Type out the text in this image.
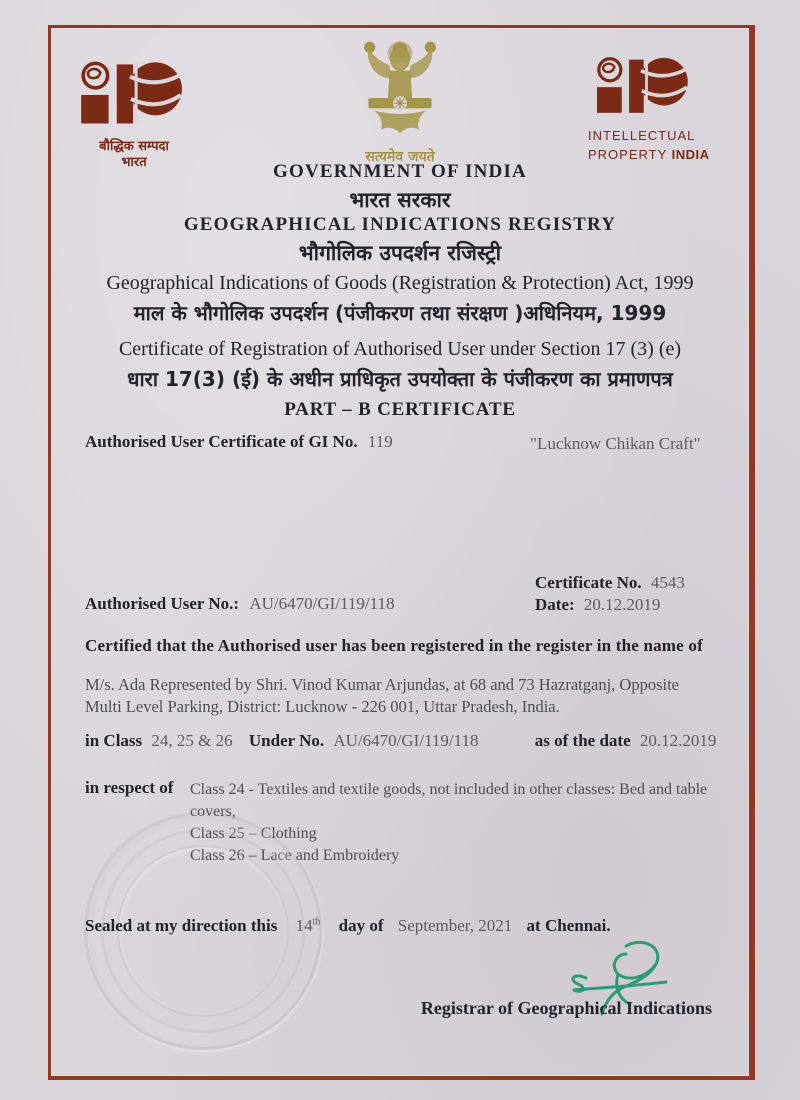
बौद्धिक सम्पदा
भारत	सत्यमेव जयते
INTELLECTUAL
PROPERTY INDIA
GOVERNMENT OF INDIA
भारत सरकार
GEOGRAPHICAL INDICATIONS REGISTRY
भौगोलिक उपदर्शन रजिस्ट्री
Geographical Indications of Goods (Registration & Protection) Act, 1999
माल के भौगोलिक उपदर्शन (पंजीकरण तथा संरक्षण )अधिनियम, 1999
Certificate of Registration of Authorised User under Section 17 (3) (e)
धारा 17(3) (ई) के अधीन प्राधिकृत उपयोक्ता के पंजीकरण का प्रमाणपत्र
PART – B CERTIFICATE
Authorised User Certificate of GI No. 119	"Lucknow Chikan Craft"
Certificate No. 4543
Authorised User No.: AU/6470/GI/119/118	Date: 20.12.2019
Certified that the Authorised user has been registered in the register in the name of
M/s. Ada Represented by Shri. Vinod Kumar Arjundas, at 68 and 73 Hazratganj, Opposite Multi Level Parking, District: Lucknow - 226 001, Uttar Pradesh, India.
in Class 24, 25 & 26 Under No. AU/6470/GI/119/118	as of the date 20.12.2019
in respect of Class 24 - Textiles and textile goods, not included in other classes: Bed and table covers,
Class 25 – Clothing
Class 26 – Lace and Embroidery
Sealed at my direction this 14th day of September, 2021 at Chennai.
Registrar of Geographical Indications
